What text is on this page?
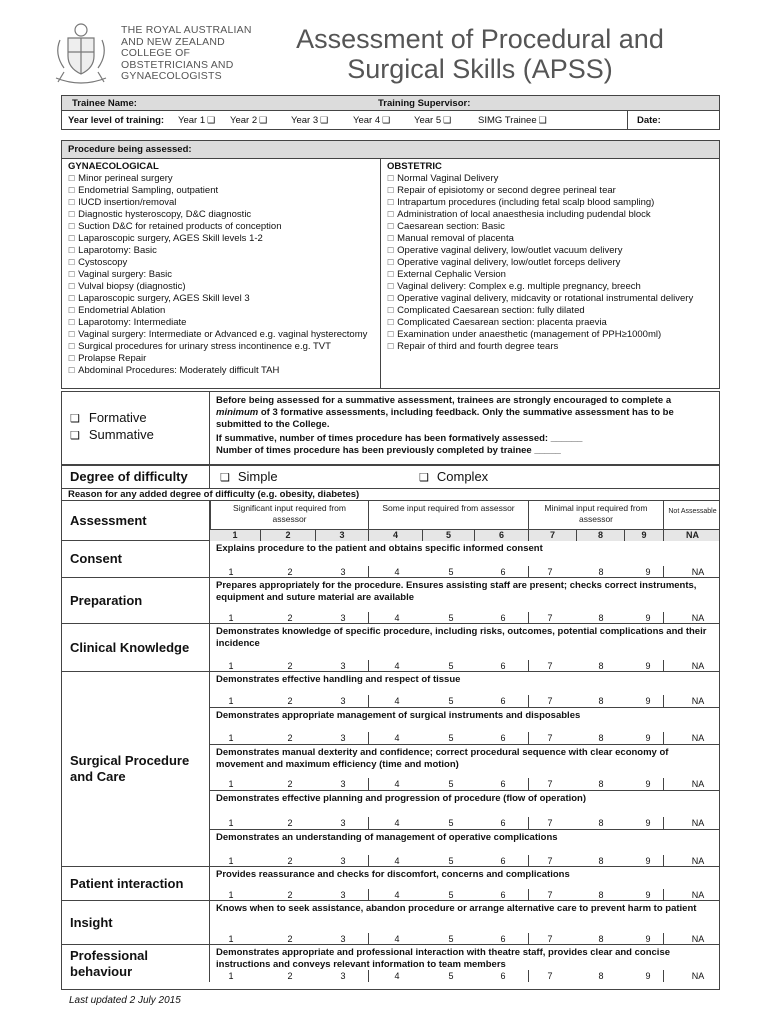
THE ROYAL AUSTRALIAN
AND NEW ZEALAND
COLLEGE OF
OBSTETRICIANS AND
GYNAECOLOGISTS
Assessment of Procedural and
Surgical Skills (APSS)
Trainee Name:	Training Supervisor:
Year level of training: Year 1 ❑ Year 2 ❑	Year 3 ❑	Year 4 ❑	Year 5 ❑	SIMG Trainee ❑	Date:
Procedure being assessed:
GYNAECOLOGICAL
☐ Minor perineal surgery
☐ Endometrial Sampling, outpatient
☐ IUCD insertion/removal
☐ Diagnostic hysteroscopy, D&C diagnostic
☐ Suction D&C for retained products of conception
☐ Laparoscopic surgery, AGES Skill levels 1-2
☐ Laparotomy: Basic
☐ Cystoscopy
☐ Vaginal surgery: Basic
☐ Vulval biopsy (diagnostic)
☐ Laparoscopic surgery, AGES Skill level 3
☐ Endometrial Ablation
☐ Laparotomy: Intermediate
☐ Vaginal surgery: Intermediate or Advanced e.g. vaginal hysterectomy
☐ Surgical procedures for urinary stress incontinence e.g. TVT
☐ Prolapse Repair
☐ Abdominal Procedures: Moderately difficult TAH
OBSTETRIC
☐ Normal Vaginal Delivery
☐ Repair of episiotomy or second degree perineal tear
☐ Intrapartum procedures (including fetal scalp blood sampling)
☐ Administration of local anaesthesia including pudendal block
☐ Caesarean section: Basic
☐ Manual removal of placenta
☐ Operative vaginal delivery, low/outlet vacuum delivery
☐ Operative vaginal delivery, low/outlet forceps delivery
☐ External Cephalic Version
☐ Vaginal delivery: Complex e.g. multiple pregnancy, breech
☐ Operative vaginal delivery, midcavity or rotational instrumental delivery
☐ Complicated Caesarean section: fully dilated
☐ Complicated Caesarean section: placenta praevia
☐ Examination under anaesthetic (management of PPH≥1000ml)
☐ Repair of third and fourth degree tears
❑ Formative
❑ Summative
Before being assessed for a summative assessment, trainees are strongly encouraged to complete a minimum of 3 formative assessments, including feedback. Only the summative assessment has to be submitted to the College.
If summative, number of times procedure has been formatively assessed: ______
Number of times procedure has been previously completed by trainee _____
Degree of difficulty	❑ Simple	❑ Complex
Reason for any added degree of difficulty (e.g. obesity, diabetes)
Assessment
Significant input required from assessor
Some input required from assessor	Minimal input required from assessor
Not Assessable
1	2	3	4	5	6	7	8	9	NA
Consent
Explains procedure to the patient and obtains specific informed consent
1	2	3	4	5	6	7	8	9	NA
Preparation
Prepares appropriately for the procedure. Ensures assisting staff are present; checks correct instruments, equipment and suture material are available
1	2	3	4	5	6	7	8	9	NA
Clinical Knowledge
Demonstrates knowledge of specific procedure, including risks, outcomes, potential complications and their incidence
1	2	3	4	5	6	7	8	9	NA
Surgical Procedure and Care
Demonstrates effective handling and respect of tissue
1	2	3	4	5	6	7	8	9	NA
Demonstrates appropriate management of surgical instruments and disposables
1	2	3	4	5	6	7	8	9	NA
Demonstrates manual dexterity and confidence; correct procedural sequence with clear economy of movement and maximum efficiency (time and motion)
1	2	3	4	5	6	7	8	9	NA
Demonstrates effective planning and progression of procedure (flow of operation)
1	2	3	4	5	6	7	8	9	NA
Demonstrates an understanding of management of operative complications
1	2	3	4	5	6	7	8	9	NA
Patient interaction
Provides reassurance and checks for discomfort, concerns and complications
1	2	3	4	5	6	7	8	9	NA
Insight
Knows when to seek assistance, abandon procedure or arrange alternative care to prevent harm to patient
1	2	3	4	5	6	7	8	9	NA
Professional behaviour
Demonstrates appropriate and professional interaction with theatre staff, provides clear and concise instructions and conveys relevant information to team members
1	2	3	4	5	6	7	8	9	NA
Last updated 2 July 2015
